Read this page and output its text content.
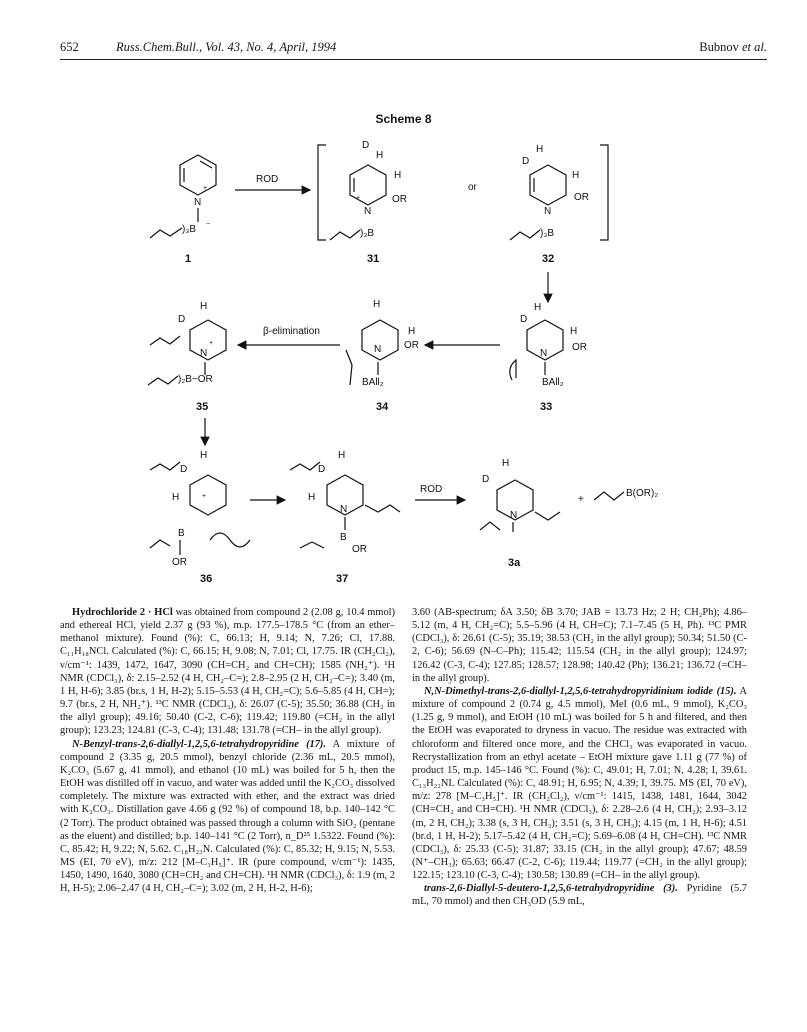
652	Russ.Chem.Bull., Vol. 43, No. 4, April, 1994	Bubnov et al.
Scheme 8
N
+
)₃B −
1
ROD
D
H
H
OR
N
+
)₃B
31
or
D
H
H
OR
N
)₃B
32
D
H
H
OR
N
BAll₂
33
H
H
OR
N
BAll₂
34
β-elimination
D
H
N
+
)₂B−OR
35
H
D
H	+
B
OR
36
H
D
H
N
B
OR
37
ROD
H
D
N
3a
+
B(OR)₂

Hydrochloride 2 · HCl was obtained from compound 2 (2.08 g, 10.4 mmol) and ethereal HCl, yield 2.37 g (93 %), m.p. 177.5–178.5 °C (from an ether–methanol mixture). Found (%): C, 66.13; H, 9.14; N, 7.26; Cl, 17.88. C₁₁H₁₈NCl. Calculated (%): C, 66.15; H, 9.08; N, 7.01; Cl, 17.75. IR (CH₂Cl₂), ν/cm⁻¹: 1439, 1472, 1647, 3090 (CH=CH₂ and CH=CH); 1585 (NH₂⁺). ¹H NMR (CDCl₃), δ: 2.15–2.52 (4 H, CH₂–C=); 2.8–2.95 (2 H, CH₂–C=); 3.40 (m, 1 H, H-6); 3.85 (br.s, 1 H, H-2); 5.15–5.53 (4 H, CH₂=C); 5.6–5.85 (4 H, CH=); 9.7 (br.s, 2 H, NH₂⁺). ¹³C NMR (CDCl₃), δ: 26.07 (C-5); 35.50; 36.88 (CH₂ in the allyl group); 49.16; 50.40 (C-2, C-6); 119.42; 119.80 (=CH₂ in the allyl group); 123.23; 124.81 (C-3, C-4); 131.48; 131.78 (=CH– in the allyl group).

N-Benzyl-trans-2,6-diallyl-1,2,5,6-tetrahydropyridine (17). A mixture of compound 2 (3.35 g, 20.5 mmol), benzyl chloride (2.36 mL, 20.5 mmol), K₂CO₃ (5.67 g, 41 mmol), and ethanol (10 mL) was boiled for 5 h, then the EtOH was distilled off in vacuo, and water was added until the K₂CO₃ dissolved completely. The mixture was extracted with ether, and the extract was dried with K₂CO₃. Distillation gave 4.66 g (92 %) of compound 18, b.p. 140–142 °C (2 Torr). The product obtained was passed through a column with SiO₂ (pentane as the eluent) and distilled; b.p. 140–141 °C (2 Torr), n_D²⁵ 1.5322. Found (%): C, 85.42; H, 9.22; N, 5.62. C₁₈H₂₃N. Calculated (%): C, 85.32; H, 9.15; N, 5.53. MS (EI, 70 eV), m/z: 212 [M–C₃H₅]⁺. IR (pure compound, ν/cm⁻¹): 1435, 1450, 1490, 1640, 3080 (CH=CH₂ and CH=CH). ¹H NMR (CDCl₃), δ: 1.9 (m, 2 H, H-5); 2.06–2.47 (4 H, CH₂–C=); 3.02 (m, 2 H, H-2, H-6);

3.60 (AB-spectrum; δA 3.50; δB 3.70; JAB = 13.73 Hz; 2 H; CH₂Ph); 4.86–5.12 (m, 4 H, CH₂=C); 5.5–5.96 (4 H, CH=C); 7.1–7.45 (5 H, Ph). ¹³C PMR (CDCl₃), δ: 26.61 (C-5); 35.19; 38.53 (CH₂ in the allyl group); 50.34; 51.50 (C-2, C-6); 56.69 (N–C–Ph); 115.42; 115.54 (CH₂ in the allyl group); 124.97; 126.42 (C-3, C-4); 127.85; 128.57; 128.98; 140.42 (Ph); 136.21; 136.72 (=CH– in the allyl group).

N,N-Dimethyl-trans-2,6-diallyl-1,2,5,6-tetrahydropyridinium iodide (15). A mixture of compound 2 (0.74 g, 4.5 mmol), MeI (0.6 mL, 9 mmol), K₂CO₃ (1.25 g, 9 mmol), and EtOH (10 mL) was boiled for 5 h and filtered, and then the EtOH was evaporated to dryness in vacuo. The residue was extracted with chloroform and filtered once more, and the CHCl₃ was evaporated in vacuo. Recrystallization from an ethyl acetate – EtOH mixture gave 1.11 g (77 %) of product 15, m.p. 145–146 °C. Found (%): C, 49.01; H, 7.01; N, 4.28; I, 39.61. C₁₃H₂₂NI. Calculated (%): C, 48.91; H, 6.95; N, 4.39; I, 39.75. MS (EI, 70 eV), m/z: 278 [M–C₃H₅]⁺. IR (CH₂Cl₂), ν/cm⁻¹: 1415, 1438, 1481, 1644, 3042 (CH=CH₂ and CH=CH). ¹H NMR (CDCl₃), δ: 2.28–2.6 (4 H, CH₂); 2.93–3.12 (m, 2 H, CH₂); 3.38 (s, 3 H, CH₃); 3.51 (s, 3 H, CH₃); 4.15 (m, 1 H, H-6); 4.51 (br.d, 1 H, H-2); 5.17–5.42 (4 H, CH₂=C); 5.69–6.08 (4 H, CH=CH). ¹³C NMR (CDCl₃), δ: 25.33 (C-5); 31.87; 33.15 (CH₂ in the allyl group); 47.67; 48.59 (N⁺–CH₃); 65.63; 66.47 (C-2, C-6); 119.44; 119.77 (=CH₂ in the allyl group); 122.15; 123.10 (C-3, C-4); 130.58; 130.89 (=CH– in the allyl group).

trans-2,6-Diallyl-5-deutero-1,2,5,6-tetrahydropyridine (3). Pyridine (5.7 mL, 70 mmol) and then CH₃OD (5.9 mL,
